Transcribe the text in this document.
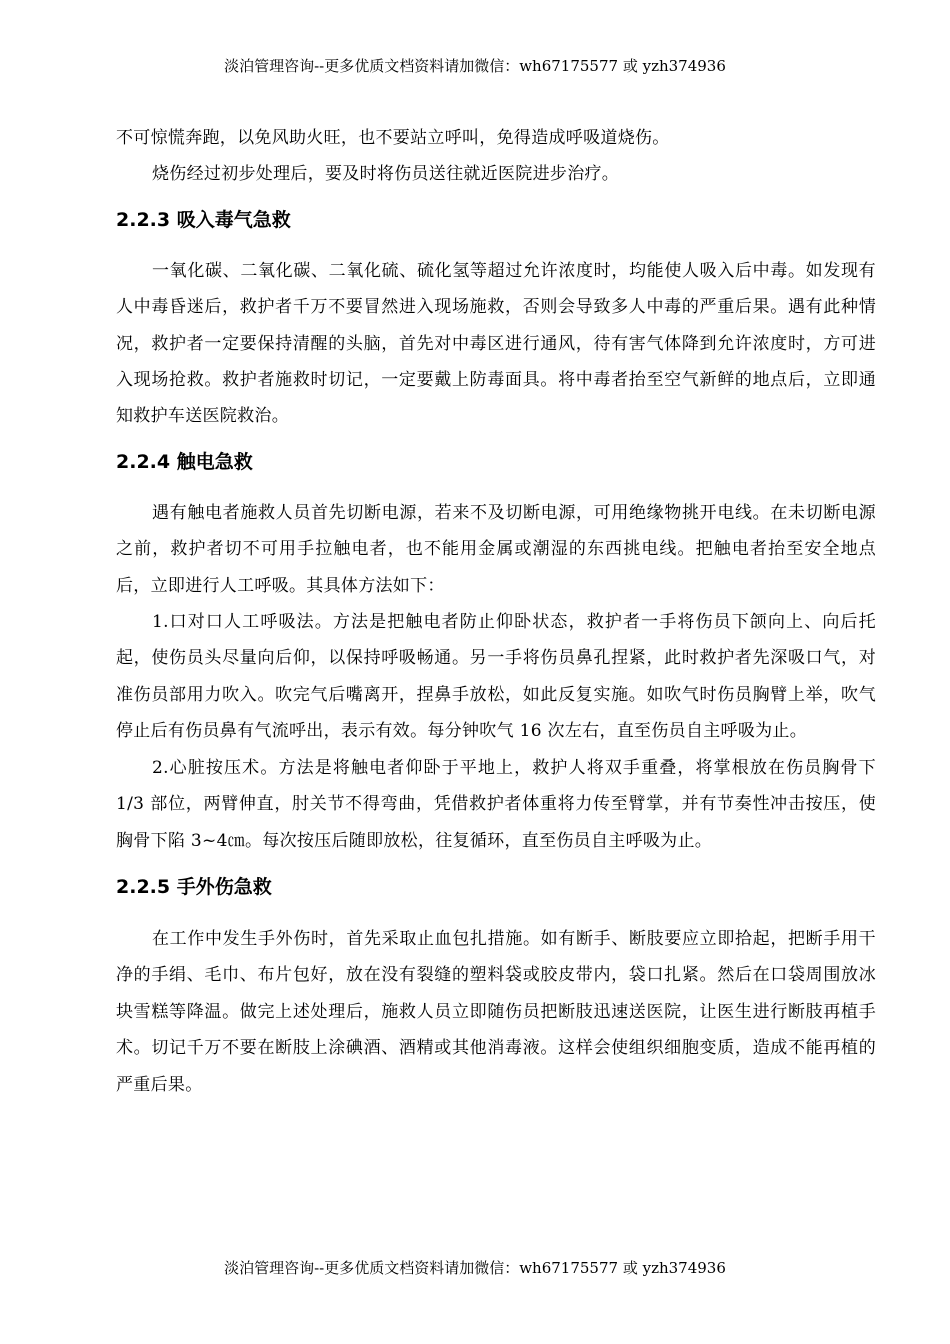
淡泊管理咨询--更多优质文档资料请加微信：wh67175577 或 yzh374936

不可惊慌奔跑，以免风助火旺，也不要站立呼叫，免得造成呼吸道烧伤。

烧伤经过初步处理后，要及时将伤员送往就近医院进步治疗。

2.2.3 吸入毒气急救

一氧化碳、二氧化碳、二氧化硫、硫化氢等超过允许浓度时，均能使人吸入后中毒。如发现有人中毒昏迷后，救护者千万不要冒然进入现场施救，否则会导致多人中毒的严重后果。遇有此种情况，救护者一定要保持清醒的头脑，首先对中毒区进行通风，待有害气体降到允许浓度时，方可进入现场抢救。救护者施救时切记，一定要戴上防毒面具。将中毒者抬至空气新鲜的地点后，立即通知救护车送医院救治。

2.2.4 触电急救

遇有触电者施救人员首先切断电源，若来不及切断电源，可用绝缘物挑开电线。在未切断电源之前，救护者切不可用手拉触电者，也不能用金属或潮湿的东西挑电线。把触电者抬至安全地点后，立即进行人工呼吸。其具体方法如下：

1.口对口人工呼吸法。方法是把触电者防止仰卧状态，救护者一手将伤员下颌向上、向后托起，使伤员头尽量向后仰，以保持呼吸畅通。另一手将伤员鼻孔捏紧，此时救护者先深吸口气，对准伤员部用力吹入。吹完气后嘴离开，捏鼻手放松，如此反复实施。如吹气时伤员胸臂上举，吹气停止后有伤员鼻有气流呼出，表示有效。每分钟吹气 16 次左右，直至伤员自主呼吸为止。

2.心脏按压术。方法是将触电者仰卧于平地上，救护人将双手重叠，将掌根放在伤员胸骨下 1/3 部位，两臂伸直，肘关节不得弯曲，凭借救护者体重将力传至臂掌，并有节奏性冲击按压，使胸骨下陷 3~4㎝。每次按压后随即放松，往复循环，直至伤员自主呼吸为止。

2.2.5 手外伤急救

在工作中发生手外伤时，首先采取止血包扎措施。如有断手、断肢要应立即拾起，把断手用干净的手绢、毛巾、布片包好，放在没有裂缝的塑料袋或胶皮带内，袋口扎紧。然后在口袋周围放冰块雪糕等降温。做完上述处理后，施救人员立即随伤员把断肢迅速送医院，让医生进行断肢再植手术。切记千万不要在断肢上涂碘酒、酒精或其他消毒液。这样会使组织细胞变质，造成不能再植的严重后果。

淡泊管理咨询--更多优质文档资料请加微信：wh67175577 或 yzh374936
